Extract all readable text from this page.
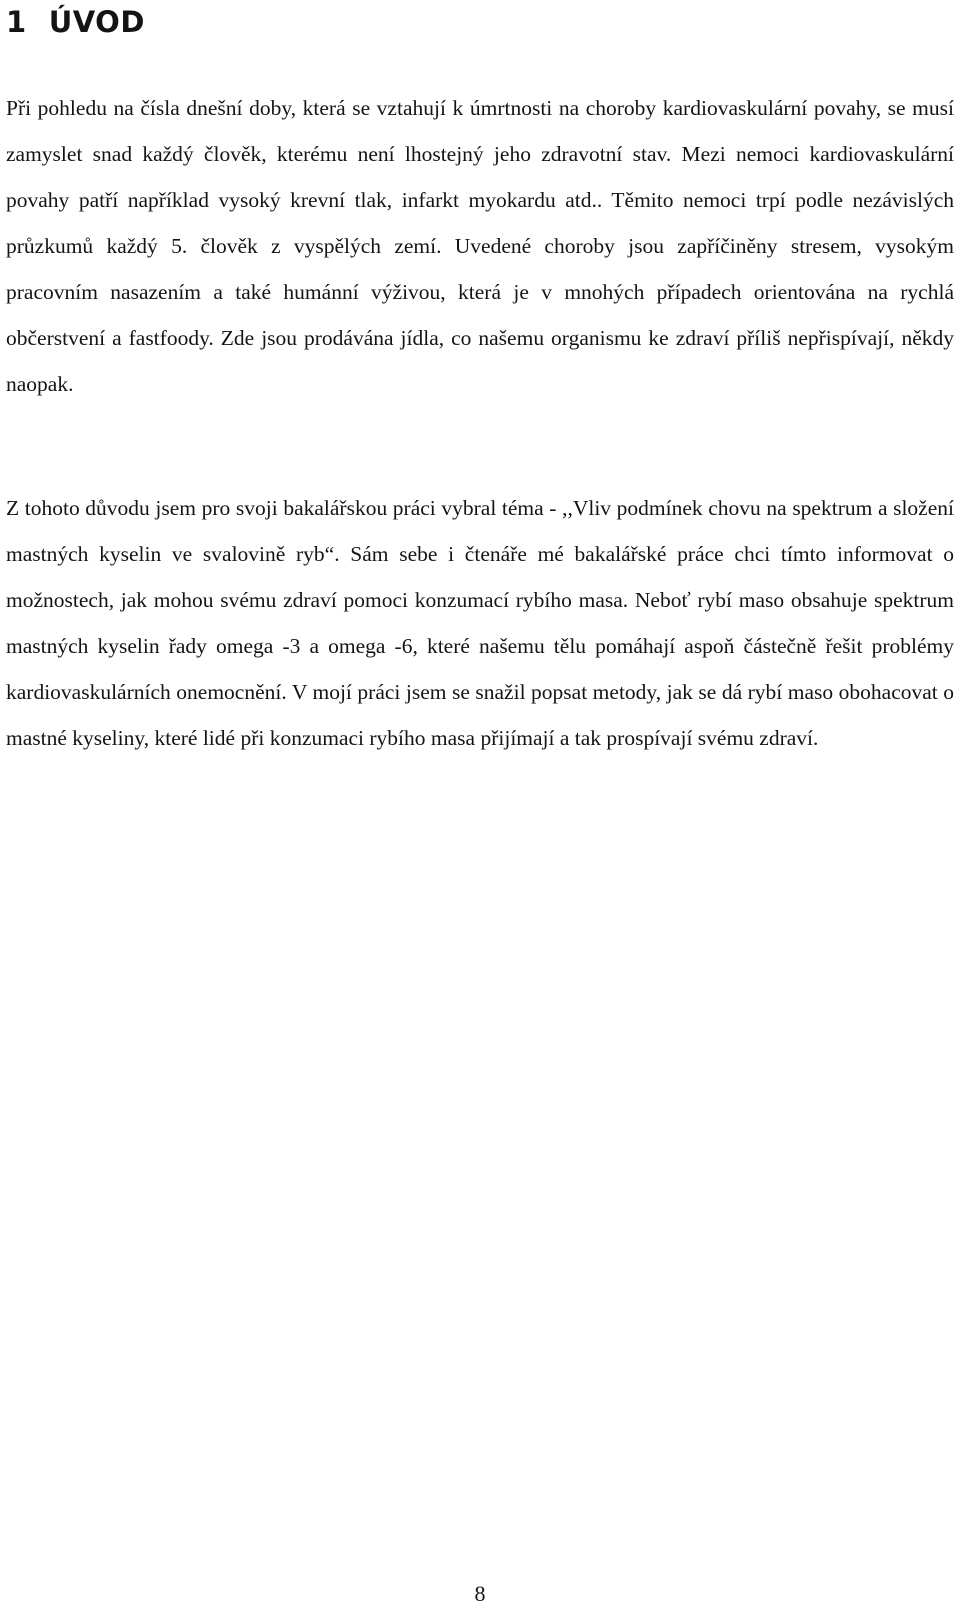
1 ÚVOD

Při pohledu na čísla dnešní doby, která se vztahují k úmrtnosti na choroby kardiovaskulární povahy, se musí zamyslet snad každý člověk, kterému není lhostejný jeho zdravotní stav. Mezi nemoci kardiovaskulární povahy patří například vysoký krevní tlak, infarkt myokardu atd.. Těmito nemoci trpí podle nezávislých průzkumů každý 5. člověk z vyspělých zemí. Uvedené choroby jsou zapříčiněny stresem, vysokým pracovním nasazením a také humánní výživou, která je v mnohých případech orientována na rychlá občerstvení a fastfoody. Zde jsou prodávána jídla, co našemu organismu ke zdraví příliš nepřispívají, někdy naopak.

Z tohoto důvodu jsem pro svoji bakalářskou práci vybral téma - ,,Vliv podmínek chovu na spektrum a složení mastných kyselin ve svalovině ryb“. Sám sebe i čtenáře mé bakalářské práce chci tímto informovat o možnostech, jak mohou svému zdraví pomoci konzumací rybího masa. Neboť rybí maso obsahuje spektrum mastných kyselin řady omega -3 a omega -6, které našemu tělu pomáhají aspoň částečně řešit problémy kardiovaskulárních onemocnění. V mojí práci jsem se snažil popsat metody, jak se dá rybí maso obohacovat o mastné kyseliny, které lidé při konzumaci rybího masa přijímají a tak prospívají svému zdraví.

8
